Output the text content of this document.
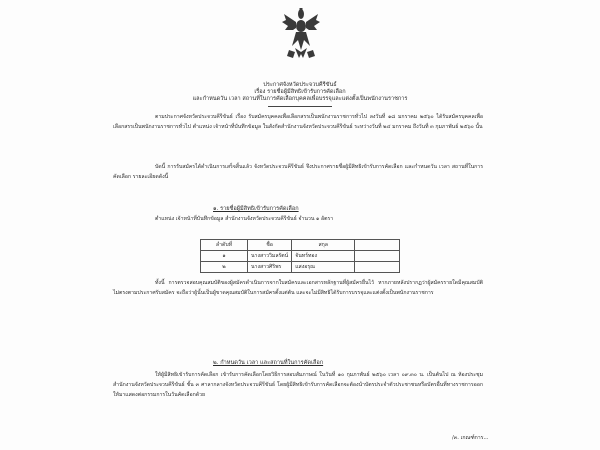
ประกาศจังหวัดประจวบคีรีขันธ์
เรื่อง รายชื่อผู้มีสิทธิเข้ารับการคัดเลือก
และกำหนดวัน เวลา สถานที่ในการคัดเลือกบุคคลเพื่อบรรจุและแต่งตั้งเป็นพนักงานราชการ
ตามประกาศจังหวัดประจวบคีรีขันธ์ เรื่อง รับสมัครบุคคลเพื่อเลือกสรรเป็นพนักงานราชการทั่วไป ลงวันที่ ๑๘ มกราคม ๒๕๖๐ ได้รับสมัครบุคคลเพื่อเลือกสรรเป็นพนักงานราชการทั่วไป ตำแหน่ง เจ้าหน้าที่บันทึกข้อมูล ในสังกัดสำนักงานจังหวัดประจวบคีรีขันธ์ ระหว่างวันที่ ๒๔ มกราคม ถึงวันที่ ๓ กุมภาพันธ์ ๒๕๖๐ นั้น
บัดนี้ การรับสมัครได้ดำเนินการเสร็จสิ้นแล้ว จังหวัดประจวบคีรีขันธ์ จึงประกาศรายชื่อผู้มีสิทธิเข้ารับการคัดเลือก และกำหนดวัน เวลา สถานที่ในการคัดเลือก รายละเอียดดังนี้
๑. รายชื่อผู้มีสิทธิเข้ารับการคัดเลือก
ตำแหน่ง เจ้าหน้าที่บันทึกข้อมูล สำนักงานจังหวัดประจวบคีรีขันธ์ จำนวน ๑ อัตรา
ลำดับที่	ชื่อ	สกุล	
๑	นางสาววิมลรัตน์	จันทร์ทอง	
๒	นางสาวศิริพร	แสงอรุณ	
ทั้งนี้ การตรวจสอบคุณสมบัติของผู้สมัครดำเนินการจากใบสมัครและเอกสารหลักฐานที่ผู้สมัครยื่นไว้ หากภายหลังปรากฏว่าผู้สมัครรายใดมีคุณสมบัติไม่ตรงตามประกาศรับสมัคร จะถือว่าผู้นั้นเป็นผู้ขาดคุณสมบัติในการสมัครตั้งแต่ต้น และจะไม่มีสิทธิได้รับการบรรจุและแต่งตั้งเป็นพนักงานราชการ
๒. กำหนดวัน เวลา และสถานที่ในการคัดเลือก
ให้ผู้มีสิทธิเข้ารับการคัดเลือก เข้ารับการคัดเลือกโดยวิธีการสอบสัมภาษณ์ ในวันที่ ๑๐ กุมภาพันธ์ ๒๕๖๐ เวลา ๐๙.๓๐ น. เป็นต้นไป ณ ห้องประชุมสำนักงานจังหวัดประจวบคีรีขันธ์ ชั้น ๓ ศาลากลางจังหวัดประจวบคีรีขันธ์ โดยผู้มีสิทธิเข้ารับการคัดเลือกจะต้องนำบัตรประจำตัวประชาชนหรือบัตรอื่นที่ทางราชการออกให้มาแสดงต่อกรรมการในวันคัดเลือกด้วย
/๓. เกณฑ์การ...
